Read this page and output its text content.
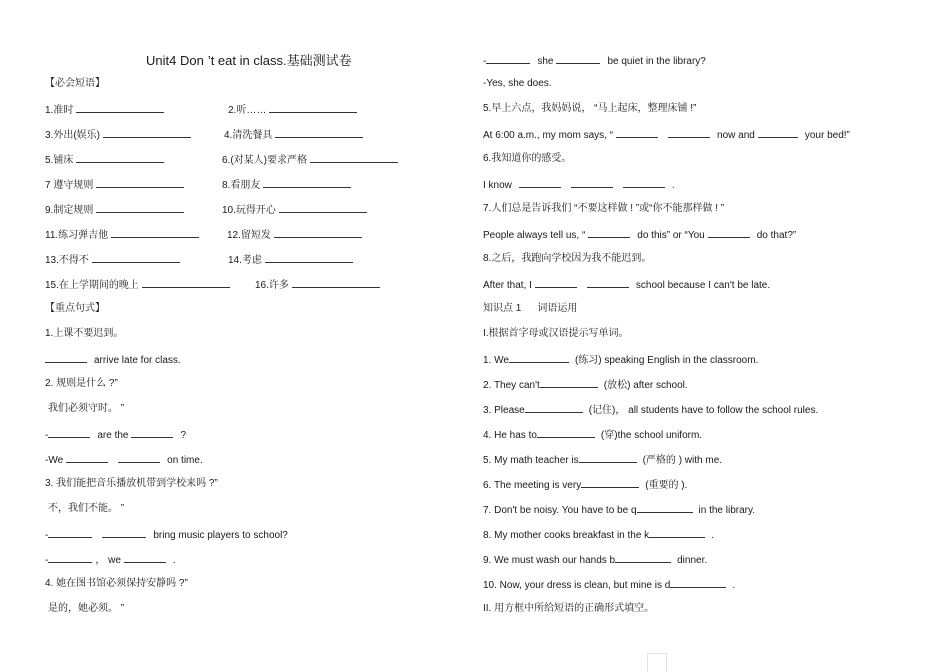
Unit4 Don ’t eat in class.基础测试卷
【必会短语】
1.准时	2.听……
3.外出(娱乐)	4.清洗餐具
5.铺床	6.(对某人)要求严格
7 遵守规则	8.看朋友
9.制定规则	10.玩得开心
11.练习弹吉他	12.留短发
13.不得不	14.考虑
15.在上学期间的晚上	16.许多
【重点句式】
1.上课不要迟到。
arrive late for class.
2. 规则是什么 ?”
我们必须守时。 ”
-	are the	?
-We	on time.
3. 我们能把音乐播放机带到学校来吗 ?”
不，我们不能。 ”
-	bring music players to school?
-	， we	.
4. 她在图书馆必须保持安静吗 ?”
是的，她必须。 ”
-	she	be quiet in the library?
-Yes, she does.
5.早上六点，我妈妈说， “马上起床，整理床铺 !”
At 6:00 a.m., my mom says, “	now and	your bed!”
6.我知道你的感受。
I know	.
7.人们总是告诉我们 “不要这样做 ! ”或“你不能那样做 ! ”
People always tell us, “	do this” or “You	do that?”
8.之后，我跑向学校因为我不能迟到。
After that, I	school because I can't be late.
知识点 1 词语运用
I.根据首字母或汉语提示写单词。
1. We	(练习) speaking English in the classroom.
2. They can't	(放松) after school.
3. Please	(记住)， all students have to follow the school rules.
4. He has to	(穿)the school uniform.
5. My math teacher is	(严格的 ) with me.
6. The meeting is very	(重要的 ).
7. Don't be noisy. You have to be q	in the library.
8. My mother cooks breakfast in the k	.
9. We must wash our hands b	dinner.
10. Now, your dress is clean, but mine is d	.
II. 用方框中所给短语的正确形式填空。
